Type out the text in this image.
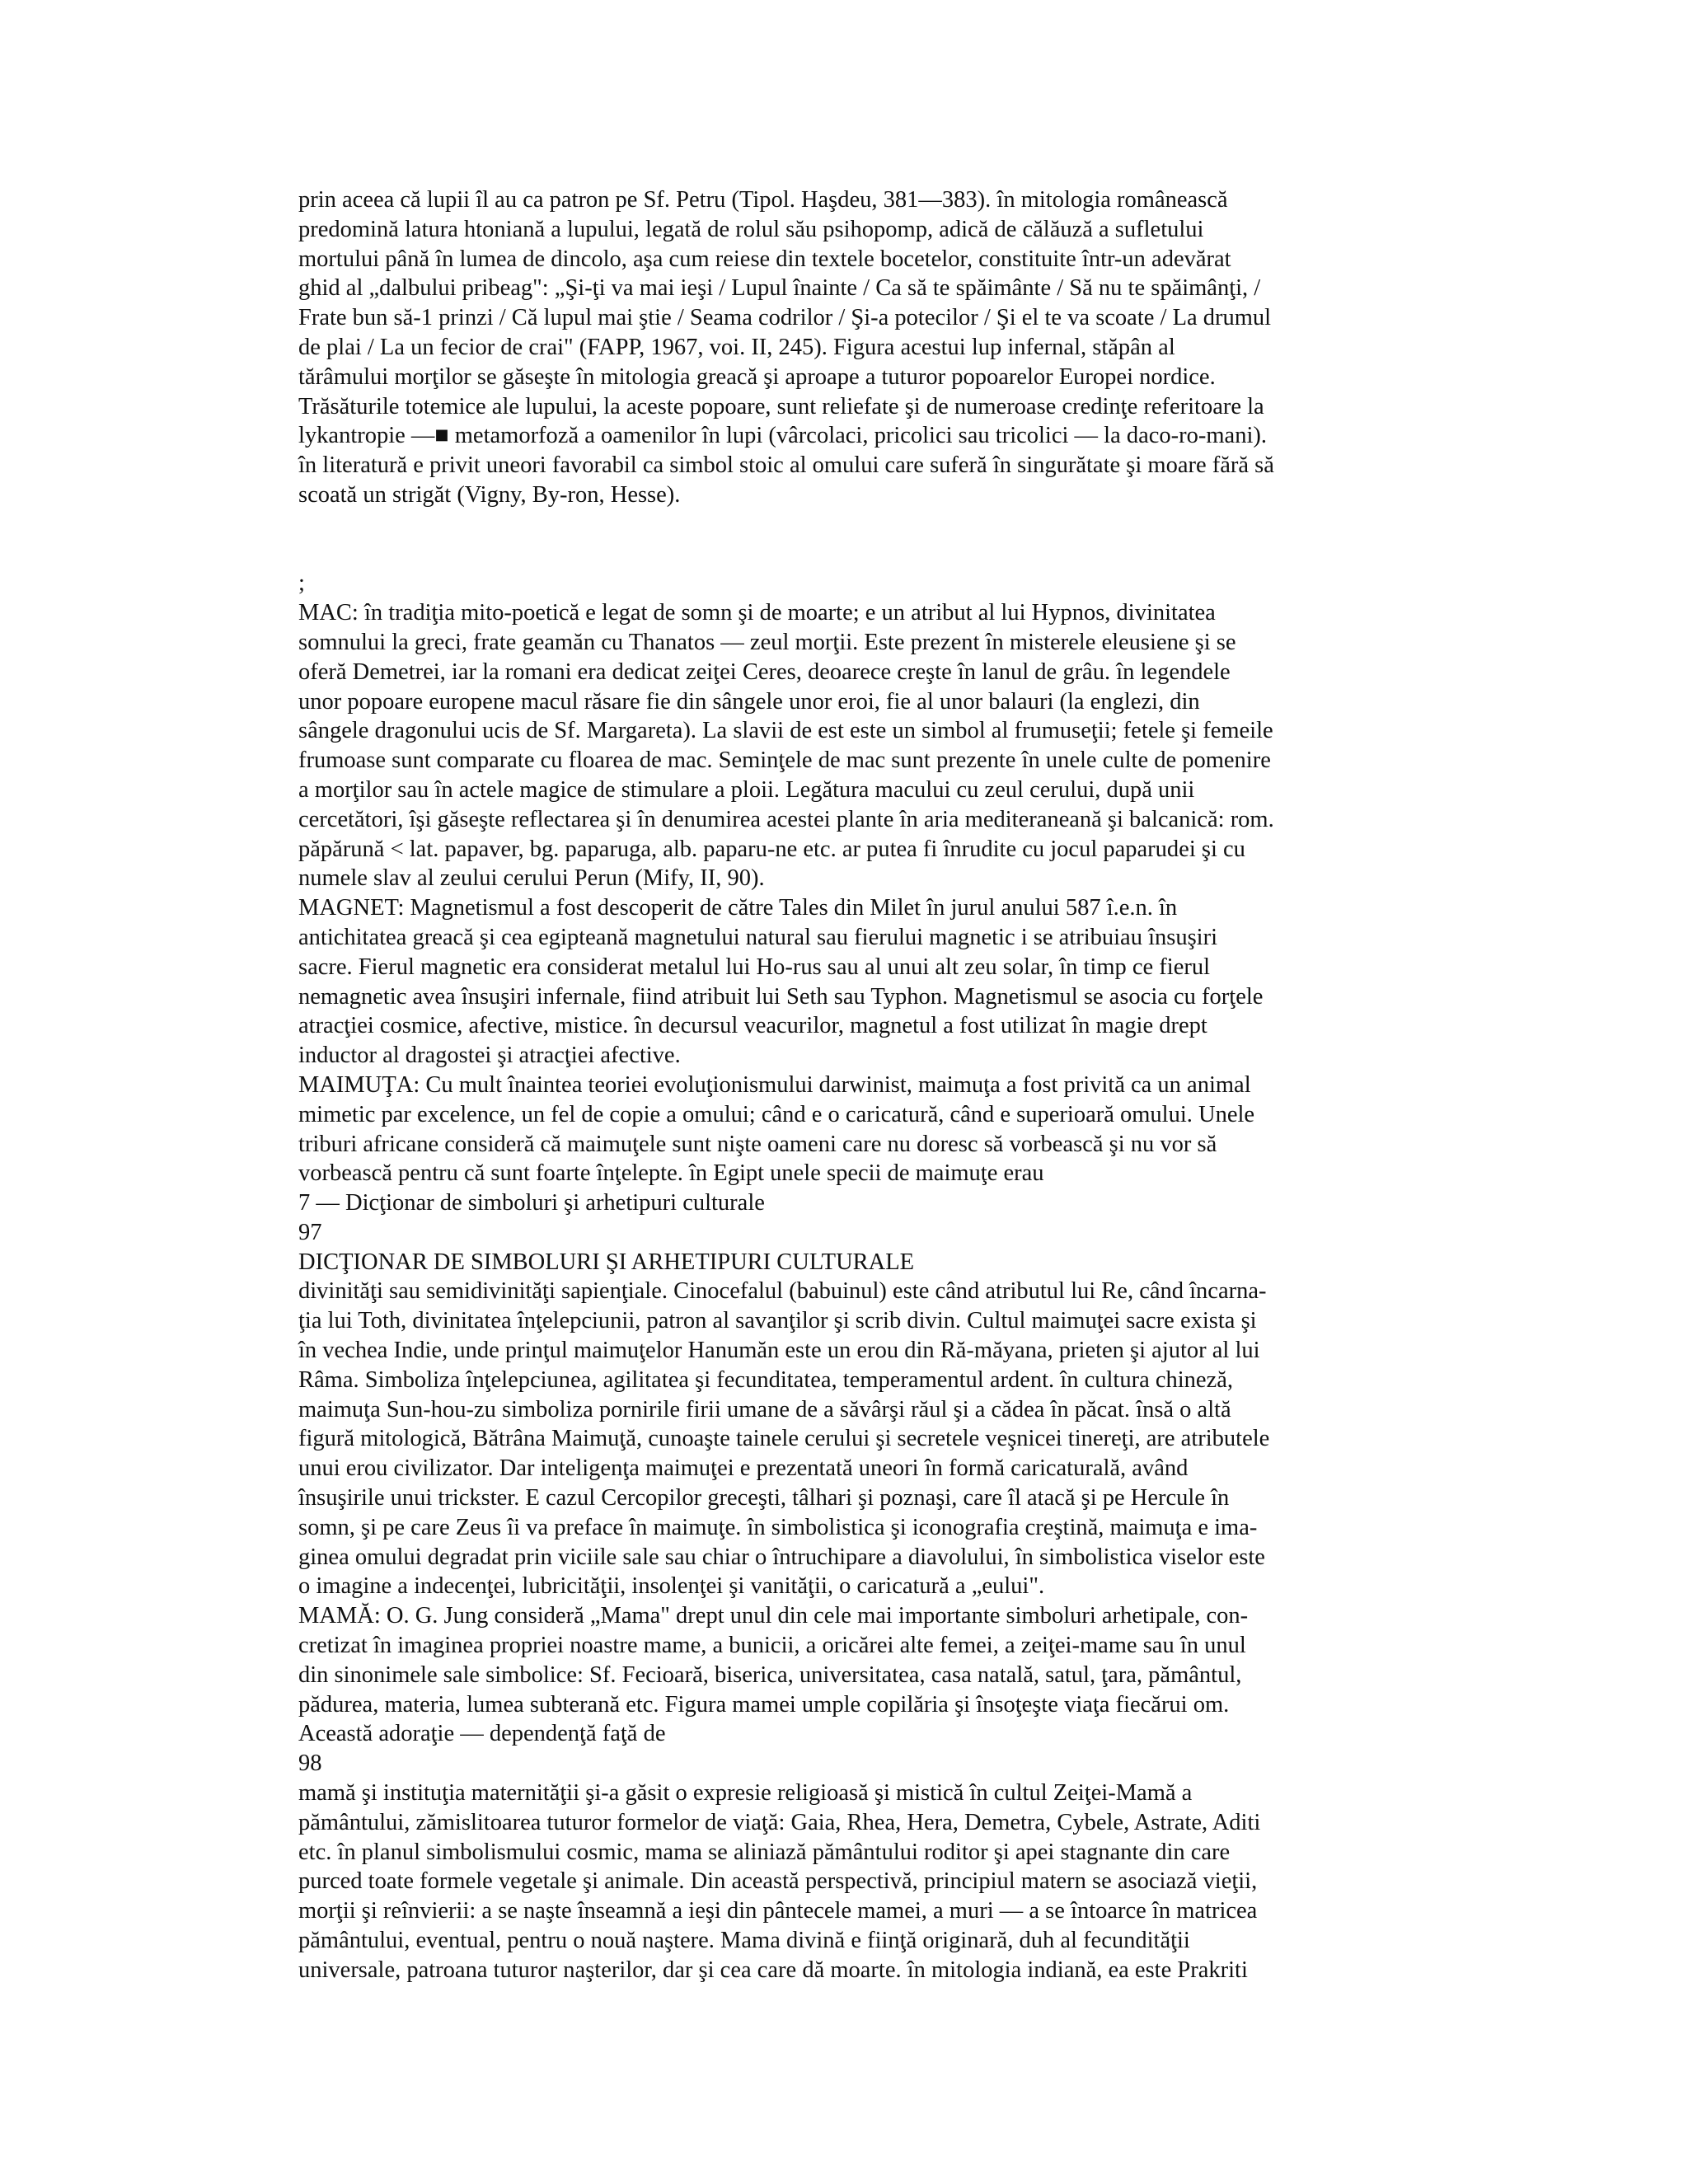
prin aceea că lupii îl au ca patron pe Sf. Petru (Tipol. Haşdeu, 381—383). în mitologia românească
predomină latura htoniană a lupului, legată de rolul său psihopomp, adică de călăuză a sufletului
mortului până în lumea de dincolo, aşa cum reiese din textele bocetelor, constituite într-un adevărat
ghid al „dalbului pribeag": „Şi-ţi va mai ieşi / Lupul înainte / Ca să te spăimânte / Să nu te spăimânţi, /
Frate bun să-1 prinzi / Că lupul mai ştie / Seama codrilor / Şi-a potecilor / Şi el te va scoate / La drumul
de plai / La un fecior de crai" (FAPP, 1967, voi. II, 245). Figura acestui lup infernal, stăpân al
tărâmului morţilor se găseşte în mitologia greacă şi aproape a tuturor popoarelor Europei nordice.
Trăsăturile totemice ale lupului, la aceste popoare, sunt reliefate şi de numeroase credinţe referitoare la
lykantropie —■ metamorfoză a oamenilor în lupi (vârcolaci, pricolici sau tricolici — la daco-ro-mani).
în literatură e privit uneori favorabil ca simbol stoic al omului care suferă în singurătate şi moare fără să
scoată un strigăt (Vigny, By-ron, Hesse).
;
MAC: în tradiţia mito-poetică e legat de somn şi de moarte; e un atribut al lui Hypnos, divinitatea
somnului la greci, frate geamăn cu Thanatos — zeul morţii. Este prezent în misterele eleusiene şi se
oferă Demetrei, iar la romani era dedicat zeiţei Ceres, deoarece creşte în lanul de grâu. în legendele
unor popoare europene macul răsare fie din sângele unor eroi, fie al unor balauri (la englezi, din
sângele dragonului ucis de Sf. Margareta). La slavii de est este un simbol al frumuseţii; fetele şi femeile
frumoase sunt comparate cu floarea de mac. Seminţele de mac sunt prezente în unele culte de pomenire
a morţilor sau în actele magice de stimulare a ploii. Legătura macului cu zeul cerului, după unii
cercetători, îşi găseşte reflectarea şi în denumirea acestei plante în aria mediteraneană şi balcanică: rom.
păpărună < lat. papaver, bg. paparuga, alb. paparu-ne etc. ar putea fi înrudite cu jocul paparudei şi cu
numele slav al zeului cerului Perun (Mify, II, 90).
MAGNET: Magnetismul a fost descoperit de către Tales din Milet în jurul anului 587 î.e.n. în
antichitatea greacă şi cea egipteană magnetului natural sau fierului magnetic i se atribuiau însuşiri
sacre. Fierul magnetic era considerat metalul lui Ho-rus sau al unui alt zeu solar, în timp ce fierul
nemagnetic avea însuşiri infernale, fiind atribuit lui Seth sau Typhon. Magnetismul se asocia cu forţele
atracţiei cosmice, afective, mistice. în decursul veacurilor, magnetul a fost utilizat în magie drept
inductor al dragostei şi atracţiei afective.
MAIMUŢA: Cu mult înaintea teoriei evoluţionismului darwinist, maimuţa a fost privită ca un animal
mimetic par excelence, un fel de copie a omului; când e o caricatură, când e superioară omului. Unele
triburi africane consideră că maimuţele sunt nişte oameni care nu doresc să vorbească şi nu vor să
vorbească pentru că sunt foarte înţelepte. în Egipt unele specii de maimuţe erau
7 — Dicţionar de simboluri şi arhetipuri culturale
97
DICŢIONAR DE SIMBOLURI ŞI ARHETIPURI CULTURALE
divinităţi sau semidivinităţi sapienţiale. Cinocefalul (babuinul) este când atributul lui Re, când încarna-
ţia lui Toth, divinitatea înţelepciunii, patron al savanţilor şi scrib divin. Cultul maimuţei sacre exista şi
în vechea Indie, unde prinţul maimuţelor Hanumăn este un erou din Ră-măyana, prieten şi ajutor al lui
Râma. Simboliza înţelepciunea, agilitatea şi fecunditatea, temperamentul ardent. în cultura chineză,
maimuţa Sun-hou-zu simboliza pornirile firii umane de a săvârşi răul şi a cădea în păcat. însă o altă
figură mitologică, Bătrâna Maimuţă, cunoaşte tainele cerului şi secretele veşnicei tinereţi, are atributele
unui erou civilizator. Dar inteligenţa maimuţei e prezentată uneori în formă caricaturală, având
însuşirile unui trickster. E cazul Cercopilor greceşti, tâlhari şi poznaşi, care îl atacă şi pe Hercule în
somn, şi pe care Zeus îi va preface în maimuţe. în simbolistica şi iconografia creştină, maimuţa e ima-
ginea omului degradat prin viciile sale sau chiar o întruchipare a diavolului, în simbolistica viselor este
o imagine a indecenţei, lubricităţii, insolenţei şi vanităţii, o caricatură a „eului".
MAMĂ: O. G. Jung consideră „Mama" drept unul din cele mai importante simboluri arhetipale, con-
cretizat în imaginea propriei noastre mame, a bunicii, a oricărei alte femei, a zeiţei-mame sau în unul
din sinonimele sale simbolice: Sf. Fecioară, biserica, universitatea, casa natală, satul, ţara, pământul,
pădurea, materia, lumea subterană etc. Figura mamei umple copilăria şi însoţeşte viaţa fiecărui om.
Această adoraţie — dependenţă faţă de
98
mamă şi instituţia maternităţii şi-a găsit o expresie religioasă şi mistică în cultul Zeiţei-Mamă a
pământului, zămislitoarea tuturor formelor de viaţă: Gaia, Rhea, Hera, Demetra, Cybele, Astrate, Aditi
etc. în planul simbolismului cosmic, mama se aliniază pământului roditor şi apei stagnante din care
purced toate formele vegetale şi animale. Din această perspectivă, principiul matern se asociază vieţii,
morţii şi reînvierii: a se naşte înseamnă a ieşi din pântecele mamei, a muri — a se întoarce în matricea
pământului, eventual, pentru o nouă naştere. Mama divină e fiinţă originară, duh al fecundităţii
universale, patroana tuturor naşterilor, dar şi cea care dă moarte. în mitologia indiană, ea este Prakriti
